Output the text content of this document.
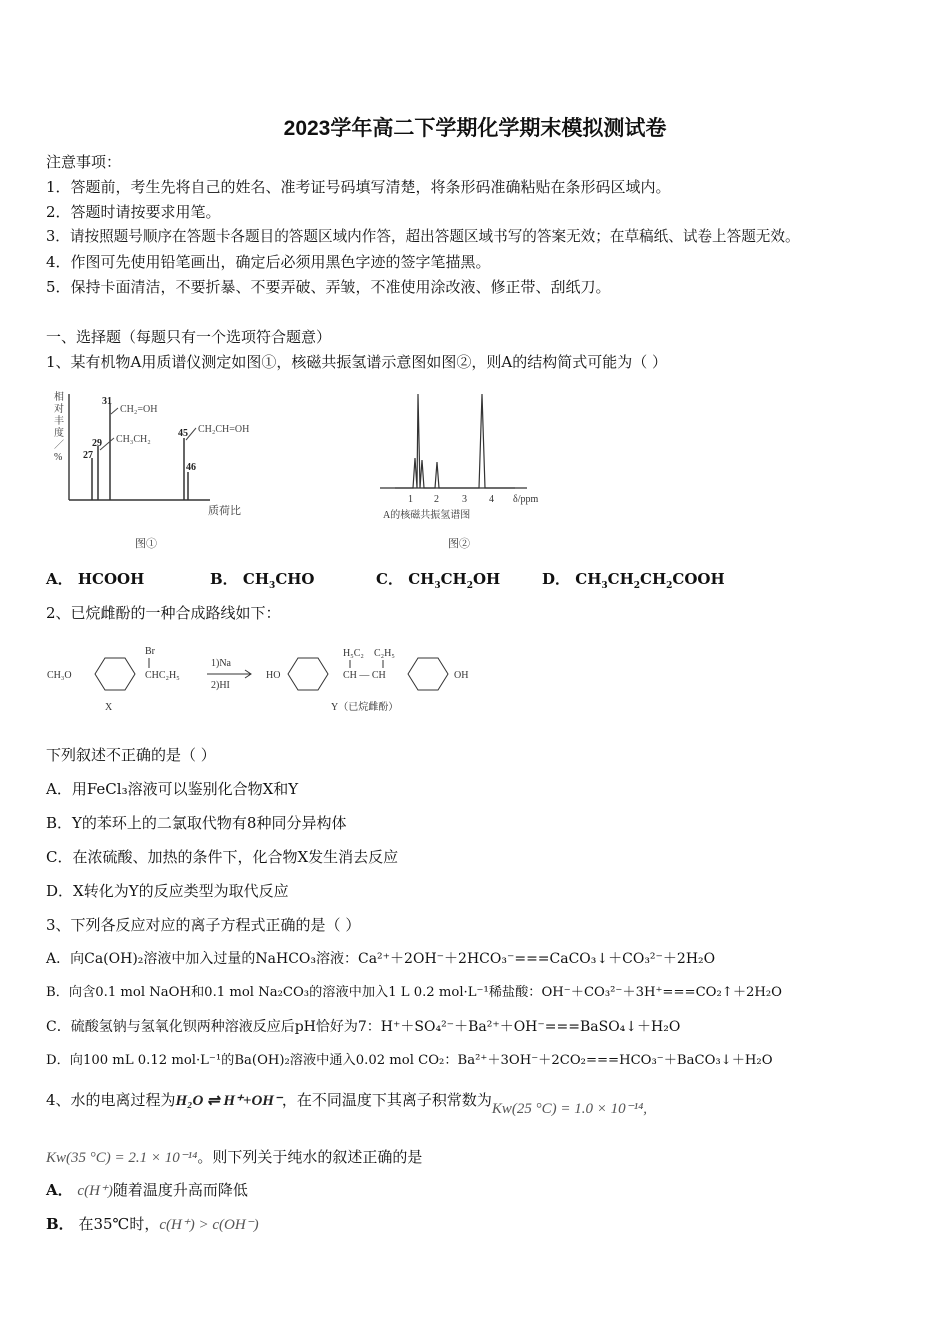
2023学年高二下学期化学期末模拟测试卷
注意事项：
1．答题前，考生先将自己的姓名、准考证号码填写清楚，将条形码准确粘贴在条形码区域内。
2．答题时请按要求用笔。
3．请按照题号顺序在答题卡各题目的答题区域内作答，超出答题区域书写的答案无效；在草稿纸、试卷上答题无效。
4．作图可先使用铅笔画出，确定后必须用黑色字迹的签字笔描黑。
5．保持卡面清洁，不要折暴、不要弄破、弄皱，不准使用涂改液、修正带、刮纸刀。
一、选择题（每题只有一个选项符合题意）
1、某有机物A用质谱仪测定如图①，核磁共振氢谱示意图如图②，则A的结构简式可能为（ ）
相
对
丰
度
／
%
31
29
27
45
46
CH₂=OH
CH₃CH₂
CH₂CH=OH
质荷比
图①
1 2 3 4 δ/ppm
A的核磁共振氢谱图
图②
A． HCOOH	B． $CH_3CHO$	C． $CH_3CH_2OH$	D． $CH_3CH_2CH_2COOH$
2、已烷雌酚的一种合成路线如下：
CH₃O
Br
CHC₂H₅
1)Na
2)HI
HO
H₅C₂ C₂H₅
CH — CH	OH
X	Y（已烷雌酚）
下列叙述不正确的是（ ）
A．用FeCl₃溶液可以鉴别化合物X和Y
B．Y的苯环上的二氯取代物有8种同分异构体
C．在浓硫酸、加热的条件下，化合物X发生消去反应
D．X转化为Y的反应类型为取代反应
3、下列各反应对应的离子方程式正确的是（ ）
A．向Ca(OH)₂溶液中加入过量的NaHCO₃溶液：Ca²⁺＋2OH⁻＋2HCO₃⁻===CaCO₃↓＋CO₃²⁻＋2H₂O
B．向含0.1 mol NaOH和0.1 mol Na₂CO₃的溶液中加入1 L 0.2 mol·L⁻¹稀盐酸：OH⁻＋CO₃²⁻＋3H⁺===CO₂↑＋2H₂O
C．硫酸氢钠与氢氧化钡两种溶液反应后pH恰好为7：H⁺＋SO₄²⁻＋Ba²⁺＋OH⁻===BaSO₄↓＋H₂O
D．向100 mL 0.12 mol·L⁻¹的Ba(OH)₂溶液中通入0.02 mol CO₂：Ba²⁺＋3OH⁻＋2CO₂===HCO₃⁻＋BaCO₃↓＋H₂O
4、水的电离过程为H₂O ⇌ H⁺+OH⁻，在不同温度下其离子积常数为Kw(25 °C) = 1.0 × 10⁻¹⁴,
Kw(35 °C) = 2.1 × 10⁻¹⁴。则下列关于纯水的叙述正确的是
A． c(H⁺)随着温度升高而降低
B． 在35℃时，c(H⁺) > c(OH⁻)
